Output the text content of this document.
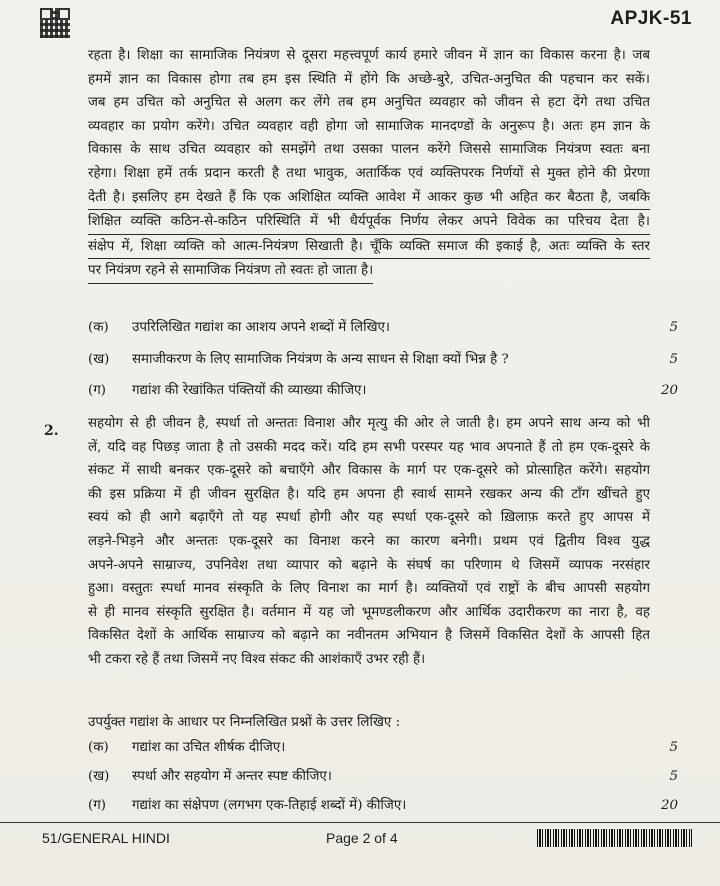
APJK-51
रहता है। शिक्षा का सामाजिक नियंत्रण से दूसरा महत्त्वपूर्ण कार्य हमारे जीवन में ज्ञान का विकास करना है। जब
हममें ज्ञान का विकास होगा तब हम इस स्थिति में होंगे कि अच्छे-बुरे, उचित-अनुचित की पहचान कर सकें।
जब हम उचित को अनुचित से अलग कर लेंगे तब हम अनुचित व्यवहार को जीवन से हटा देंगे तथा उचित
व्यवहार का प्रयोग करेंगे। उचित व्यवहार वही होगा जो सामाजिक मानदण्डों के अनुरूप है। अतः हम ज्ञान के
विकास के साथ उचित व्यवहार को समझेंगे तथा उसका पालन करेंगे जिससे सामाजिक नियंत्रण स्वतः बना
रहेगा। शिक्षा हमें तर्क प्रदान करती है तथा भावुक, अतार्किक एवं व्यक्तिपरक निर्णयों से मुक्त होने की प्रेरणा
देती है। इसलिए हम देखते हैं कि एक अशिक्षित व्यक्ति आवेश में आकर कुछ भी अहित कर बैठता है, जबकि
शिक्षित व्यक्ति कठिन-से-कठिन परिस्थिति में भी धैर्यपूर्वक निर्णय लेकर अपने विवेक का परिचय देता है।
संक्षेप में, शिक्षा व्यक्ति को आत्म-नियंत्रण सिखाती है। चूँकि व्यक्ति समाज की इकाई है, अतः व्यक्ति के स्तर
पर नियंत्रण रहने से सामाजिक नियंत्रण तो स्वतः हो जाता है।
(क)	उपरिलिखित गद्यांश का आशय अपने शब्दों में लिखिए।	5
(ख)	समाजीकरण के लिए सामाजिक नियंत्रण के अन्य साधन से शिक्षा क्यों भिन्न है ?	5
(ग)	गद्यांश की रेखांकित पंक्तियों की व्याख्या कीजिए।	20
2. सहयोग से ही जीवन है, स्पर्धा तो अन्ततः विनाश और मृत्यु की ओर ले जाती है। हम अपने साथ अन्य को भी
लें, यदि वह पिछड़ जाता है तो उसकी मदद करें। यदि हम सभी परस्पर यह भाव अपनाते हैं तो हम एक-दूसरे के
संकट में साथी बनकर एक-दूसरे को बचाएँगे और विकास के मार्ग पर एक-दूसरे को प्रोत्साहित करेंगे। सहयोग
की इस प्रक्रिया में ही जीवन सुरक्षित है। यदि हम अपना ही स्वार्थ सामने रखकर अन्य की टाँग खींचते हुए
स्वयं को ही आगे बढ़ाएँगे तो यह स्पर्धा होगी और यह स्पर्धा एक-दूसरे को ख़िलाफ़ करते हुए आपस में
लड़ने-भिड़ने और अन्ततः एक-दूसरे का विनाश करने का कारण बनेगी। प्रथम एवं द्वितीय विश्व युद्ध
अपने-अपने साम्राज्य, उपनिवेश तथा व्यापार को बढ़ाने के संघर्ष का परिणाम थे जिसमें व्यापक नरसंहार
हुआ। वस्तुतः स्पर्धा मानव संस्कृति के लिए विनाश का मार्ग है। व्यक्तियों एवं राष्ट्रों के बीच आपसी सहयोग
से ही मानव संस्कृति सुरक्षित है। वर्तमान में यह जो भूमण्डलीकरण और आर्थिक उदारीकरण का नारा है, वह
विकसित देशों के आर्थिक साम्राज्य को बढ़ाने का नवीनतम अभियान है जिसमें विकसित देशों के आपसी हित
भी टकरा रहे हैं तथा जिसमें नए विश्व संकट की आशंकाएँ उभर रही हैं।
उपर्युक्त गद्यांश के आधार पर निम्नलिखित प्रश्नों के उत्तर लिखिए :
(क)	गद्यांश का उचित शीर्षक दीजिए।	5
(ख)	स्पर्धा और सहयोग में अन्तर स्पष्ट कीजिए।	5
(ग)	गद्यांश का संक्षेपण (लगभग एक-तिहाई शब्दों में) कीजिए।	20
51/GENERAL HINDI	Page 2 of 4
